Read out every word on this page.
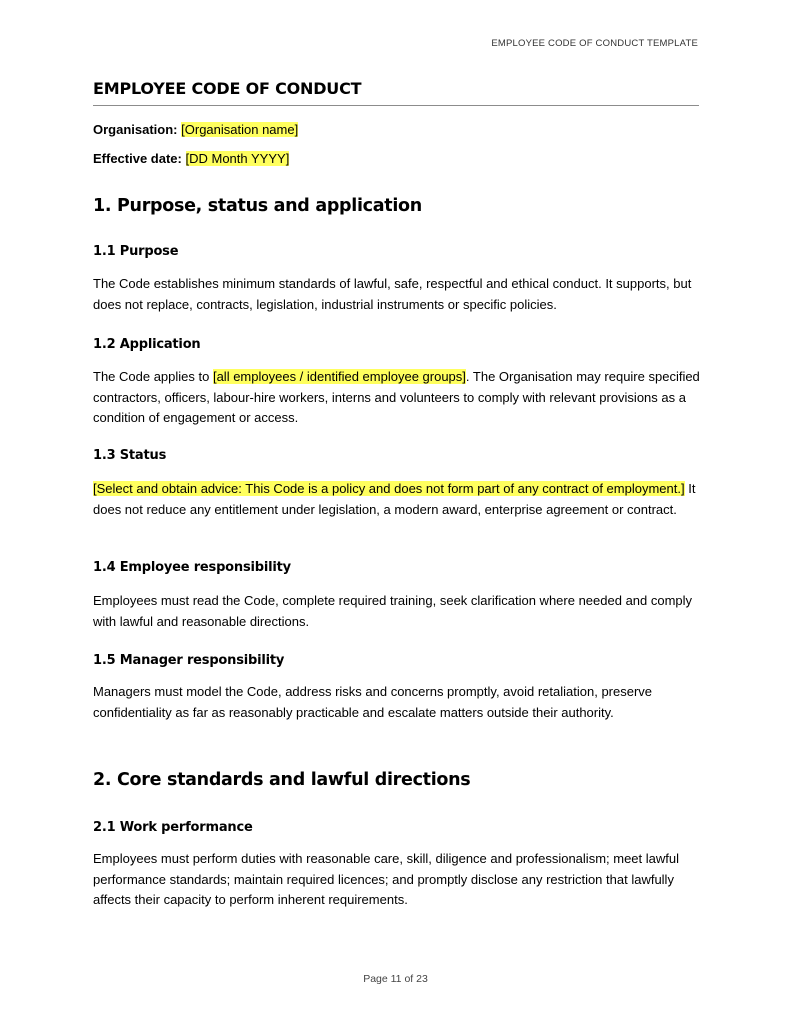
EMPLOYEE CODE OF CONDUCT TEMPLATE
EMPLOYEE CODE OF CONDUCT

Organisation: [Organisation name]

Effective date: [DD Month YYYY]

1. Purpose, status and application
1.1 Purpose

The Code establishes minimum standards of lawful, safe, respectful and ethical conduct. It supports, but does not replace, contracts, legislation, industrial instruments or specific policies.

1.2 Application

The Code applies to [all employees / identified employee groups]. The Organisation may require specified contractors, officers, labour-hire workers, interns and volunteers to comply with relevant provisions as a condition of engagement or access.

1.3 Status

[Select and obtain advice: This Code is a policy and does not form part of any contract of employment.] It does not reduce any entitlement under legislation, a modern award, enterprise agreement or contract.

1.4 Employee responsibility

Employees must read the Code, complete required training, seek clarification where needed and comply with lawful and reasonable directions.

1.5 Manager responsibility

Managers must model the Code, address risks and concerns promptly, avoid retaliation, preserve confidentiality as far as reasonably practicable and escalate matters outside their authority.

2. Core standards and lawful directions
2.1 Work performance

Employees must perform duties with reasonable care, skill, diligence and professionalism; meet lawful performance standards; maintain required licences; and promptly disclose any restriction that lawfully affects their capacity to perform inherent requirements.

Page 11 of 23
